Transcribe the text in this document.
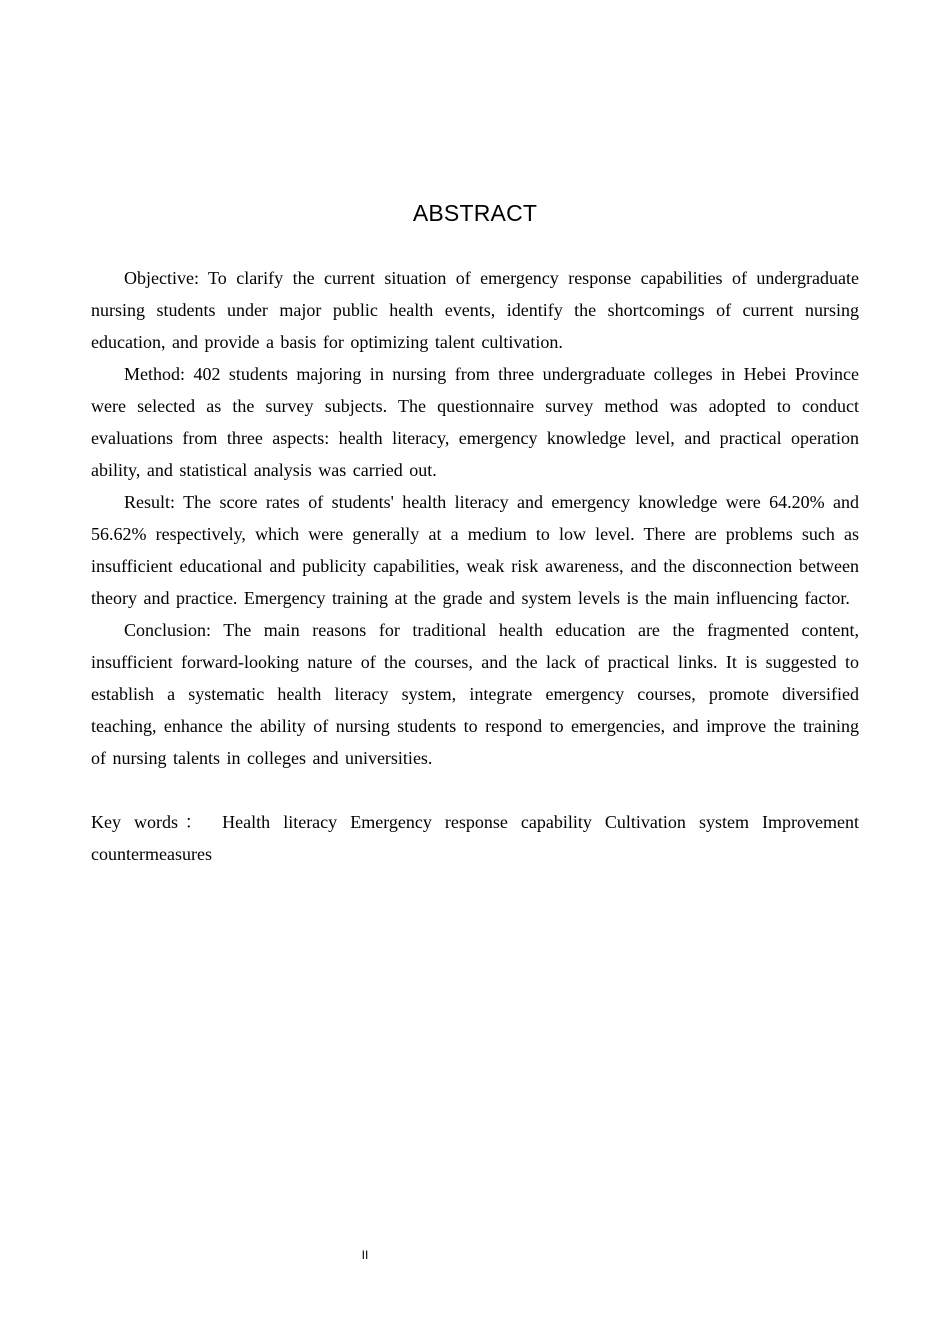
ABSTRACT

Objective: To clarify the current situation of emergency response capabilities of undergraduate nursing students under major public health events, identify the shortcomings of current nursing education, and provide a basis for optimizing talent cultivation.

Method: 402 students majoring in nursing from three undergraduate colleges in Hebei Province were selected as the survey subjects. The questionnaire survey method was adopted to conduct evaluations from three aspects: health literacy, emergency knowledge level, and practical operation ability, and statistical analysis was carried out.

Result: The score rates of students' health literacy and emergency knowledge were 64.20% and 56.62% respectively, which were generally at a medium to low level. There are problems such as insufficient educational and publicity capabilities, weak risk awareness, and the disconnection between theory and practice. Emergency training at the grade and system levels is the main influencing factor.

Conclusion: The main reasons for traditional health education are the fragmented content, insufficient forward-looking nature of the courses, and the lack of practical links. It is suggested to establish a systematic health literacy system, integrate emergency courses, promote diversified teaching, enhance the ability of nursing students to respond to emergencies, and improve the training of nursing talents in colleges and universities.

Key words： Health literacy Emergency response capability Cultivation system Improvement countermeasures

II
